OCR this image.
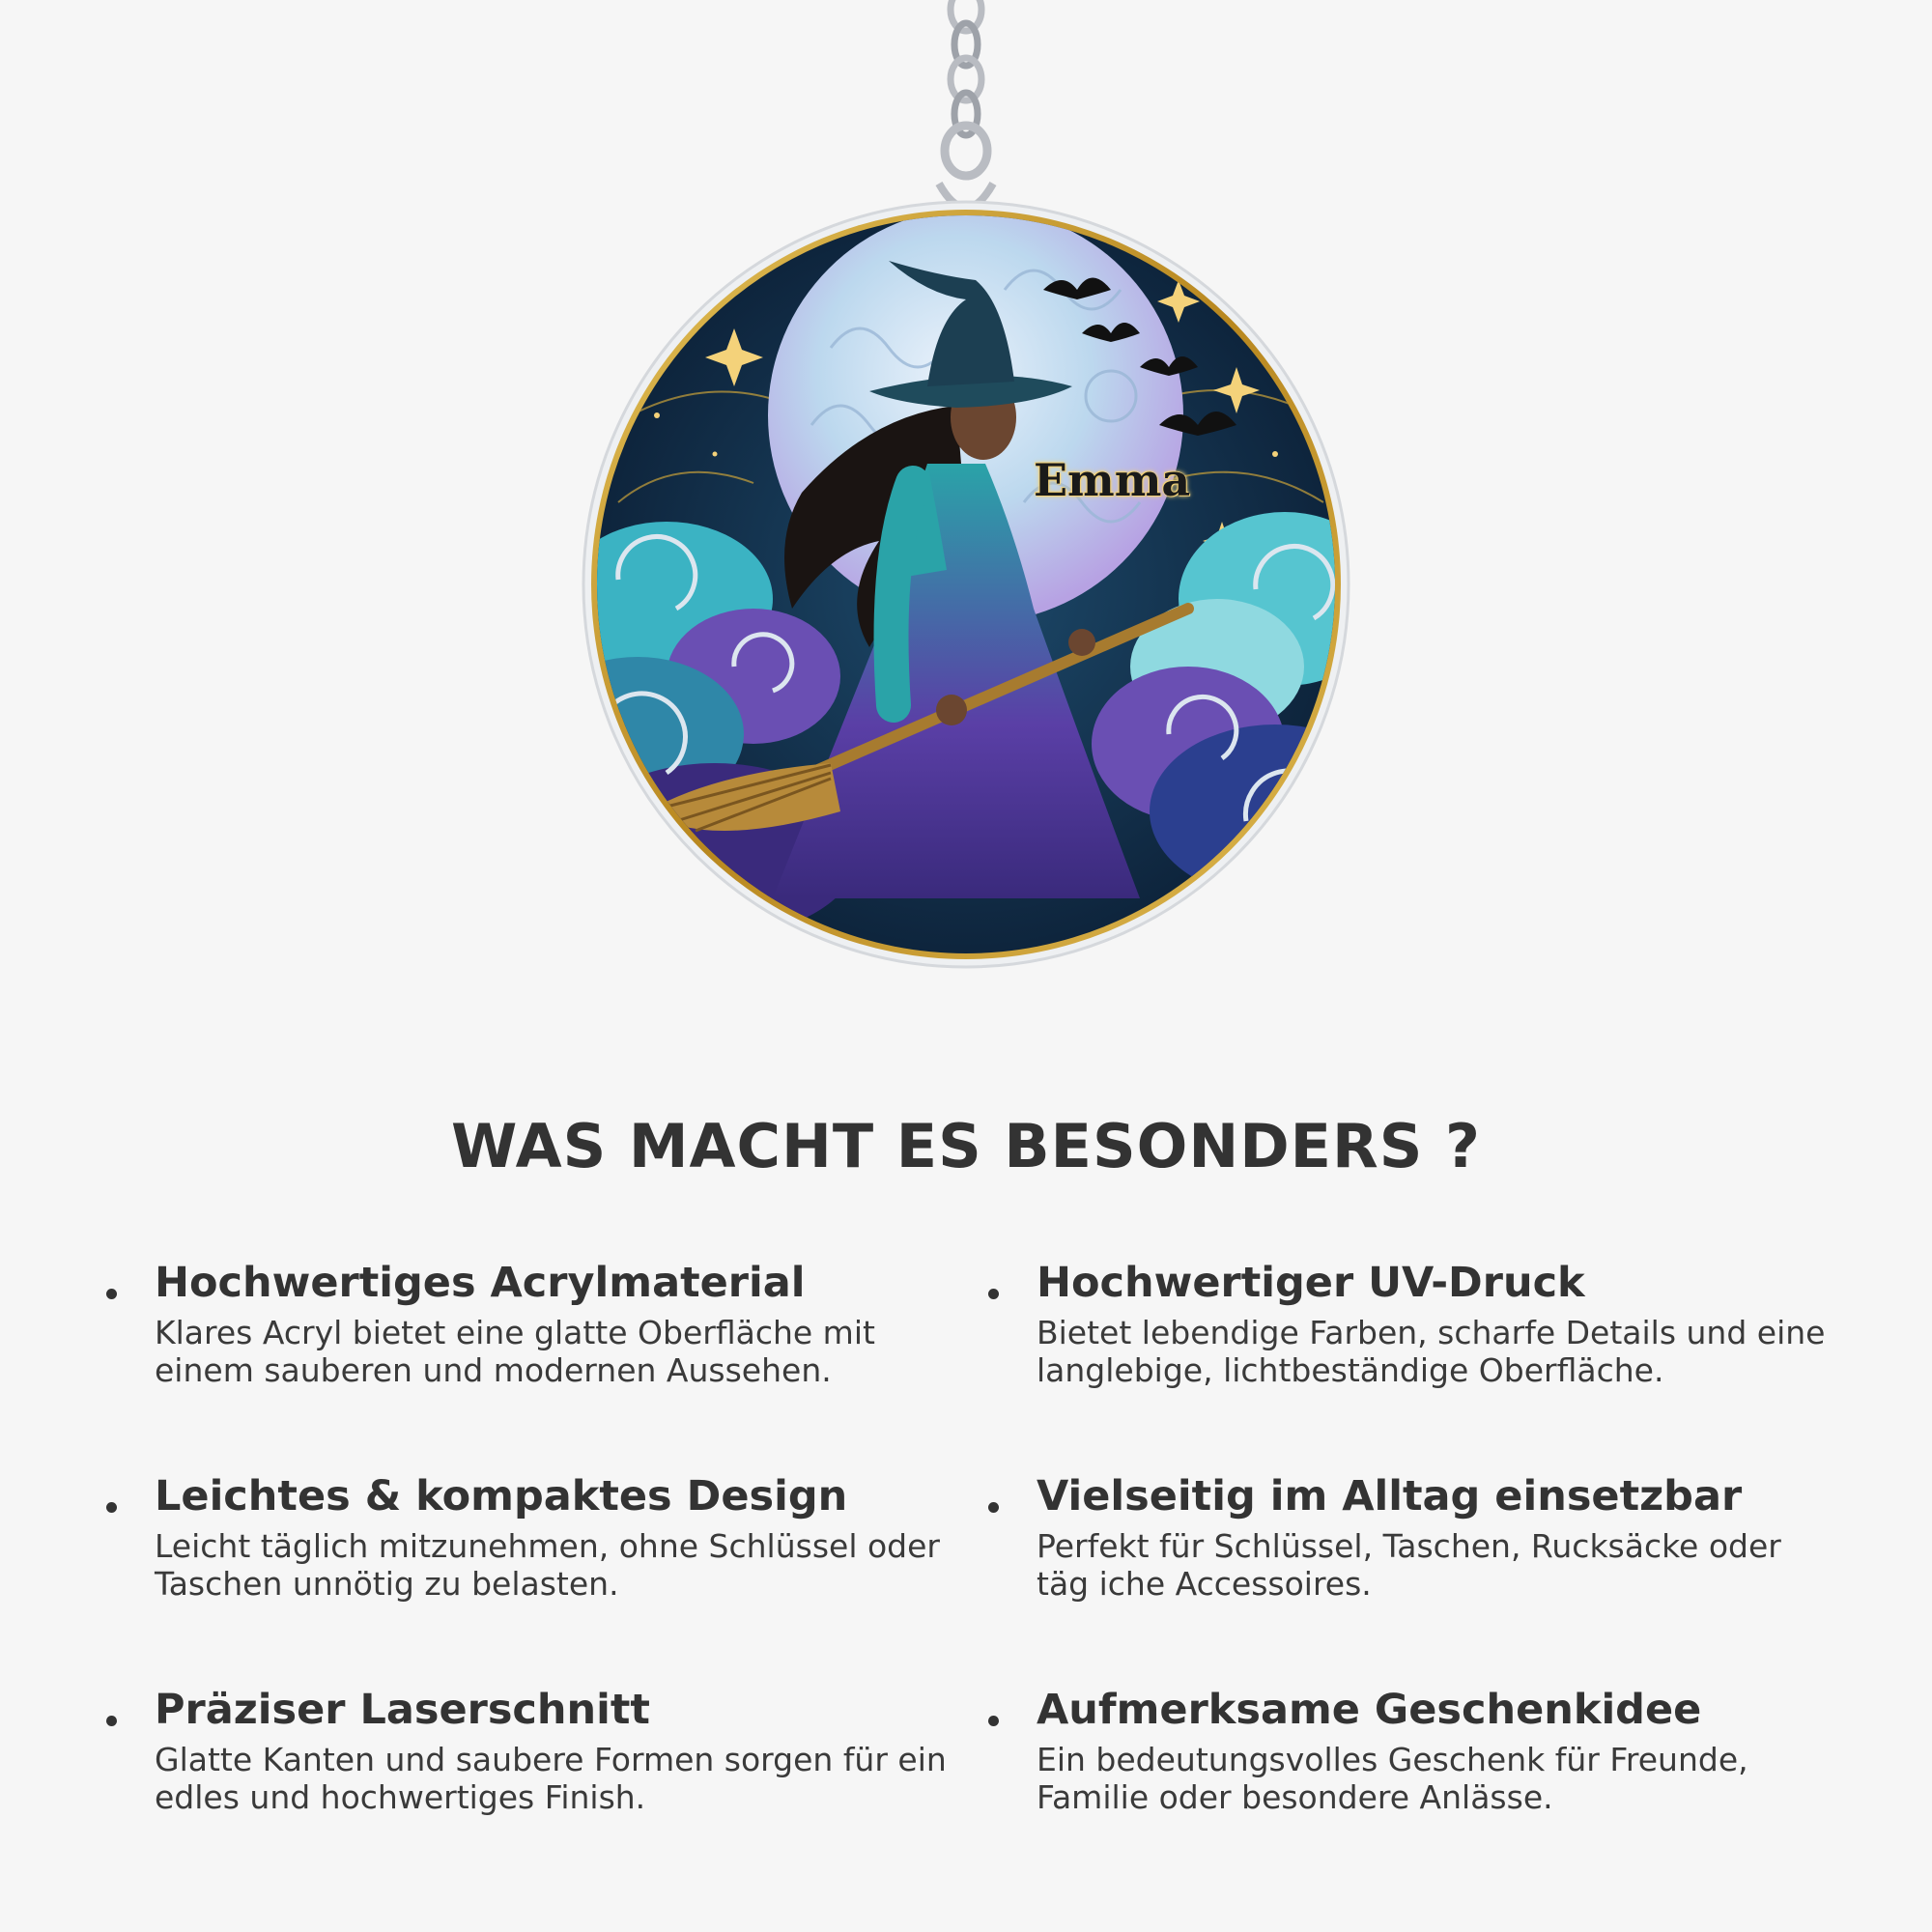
Emma
WAS MACHT ES BESONDERS ?
Hochwertiges Acrylmaterial
Klares Acryl bietet eine glatte Oberfläche mit einem sauberen und modernen Aussehen.
Hochwertiger UV-Druck
Bietet lebendige Farben, scharfe Details und eine langlebige, lichtbeständige Oberfläche.
Leichtes & kompaktes Design
Leicht täglich mitzunehmen, ohne Schlüssel oder Taschen unnötig zu belasten.
Vielseitig im Alltag einsetzbar
Perfekt für Schlüssel, Taschen, Rucksäcke oder täg iche Accessoires.
Präziser Laserschnitt
Glatte Kanten und saubere Formen sorgen für ein edles und hochwertiges Finish.
Aufmerksame Geschenkidee
Ein bedeutungsvolles Geschenk für Freunde, Familie oder besondere Anlässe.
